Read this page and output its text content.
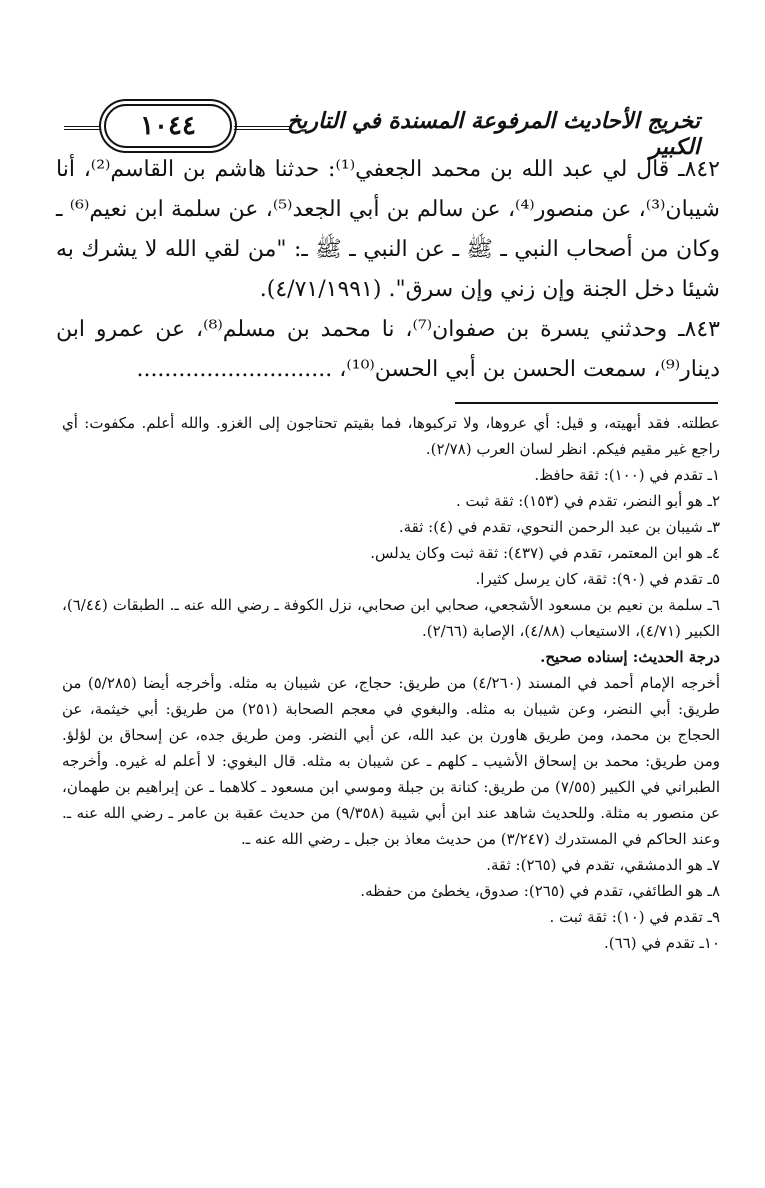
١٠٤٤	تخريج الأحاديث المرفوعة المسندة في التاريخ الكبير

٨٤٢ـ قال لي عبد الله بن محمد الجعفي⁽¹⁾: حدثنا هاشم بن القاسم⁽²⁾، أنا شيبان⁽³⁾، عن منصور⁽⁴⁾، عن سالم بن أبي الجعد⁽⁵⁾، عن سلمة ابن نعيم⁽⁶⁾ ـ وكان من أصحاب النبي ـ ﷺ ـ عن النبي ـ ﷺ ـ: "من لقي الله لا يشرك به شيئا دخل الجنة وإن زني وإن سرق". (٤/٧١/١٩٩١).

٨٤٣ـ وحدثني يسرة بن صفوان⁽⁷⁾، نا محمد بن مسلم⁽⁸⁾، عن عمرو ابن دينار⁽⁹⁾، سمعت الحسن بن أبي الحسن⁽¹⁰⁾، ............................

عطلته. فقد أبهيته، و قيل: أي عروها، ولا تركبوها، فما بقيتم تحتاجون إلى الغزو. والله أعلم. مكفوت: أي راجع غير مقيم فيكم. انظر لسان العرب (٢/٧٨).

١ـ تقدم في (١٠٠): ثقة حافظ.

٢ـ هو أبو النضر، تقدم في (١٥٣): ثقة ثبت .

٣ـ شيبان بن عبد الرحمن النحوي، تقدم في (٤): ثقة.

٤ـ هو ابن المعتمر، تقدم في (٤٣٧): ثقة ثبت وكان يدلس.

٥ـ تقدم في (٩٠): ثقة، كان يرسل كثيرا.

٦ـ سلمة بن نعيم بن مسعود الأشجعي، صحابي ابن صحابي، نزل الكوفة ـ رضي الله عنه ـ. الطبقات (٦/٤٤)، الكبير (٤/٧١)، الاستيعاب (٤/٨٨)، الإصابة (٢/٦٦).

درجة الحديث: إسناده صحيح.

أخرجه الإمام أحمد في المسند (٤/٢٦٠) من طريق: حجاج، عن شيبان به مثله. وأخرجه أيضا (٥/٢٨٥) من طريق: أبي النضر، وعن شيبان به مثله. والبغوي في معجم الصحابة (٢٥١) من طريق: أبي خيثمة، عن الحجاج بن محمد، ومن طريق هاورن بن عبد الله، عن أبي النضر. ومن طريق جده، عن إسحاق بن لؤلؤ. ومن طريق: محمد بن إسحاق الأشيب ـ كلهم ـ عن شيبان به مثله. قال البغوي: لا أعلم له غيره. وأخرجه الطبراني في الكبير (٧/٥٥) من طريق: كنانة بن جبلة وموسي ابن مسعود ـ كلاهما ـ عن إبراهيم بن طهمان، عن منصور به مثلة. وللحديث شاهد عند ابن أبي شيبة (٩/٣٥٨) من حديث عقبة بن عامر ـ رضي الله عنه ـ. وعند الحاكم في المستدرك (٣/٢٤٧) من حديث معاذ بن جبل ـ رضي الله عنه ـ.

٧ـ هو الدمشقي، تقدم في (٢٦٥): ثقة.

٨ـ هو الطائفي، تقدم في (٢٦٥): صدوق، يخطئ من حفظه.

٩ـ تقدم في (١٠): ثقة ثبت .

١٠ـ تقدم في (٦٦).
